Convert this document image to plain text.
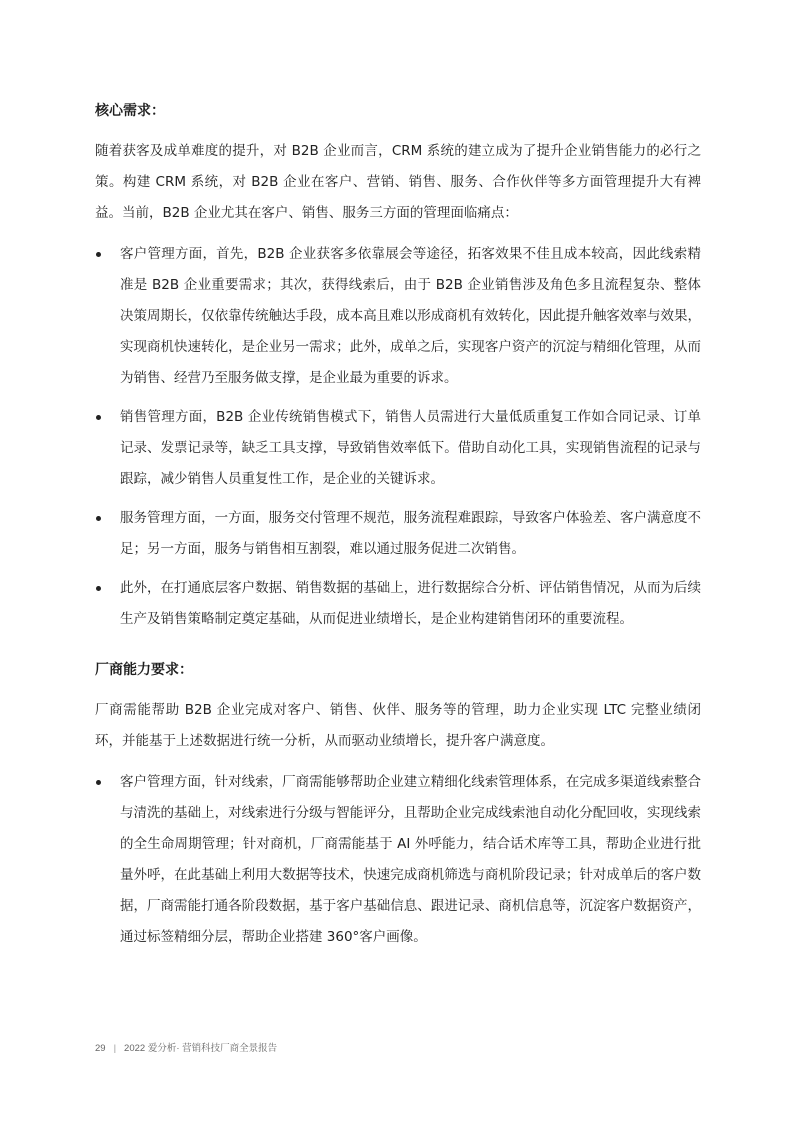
核心需求：

随着获客及成单难度的提升，对 B2B 企业而言，CRM 系统的建立成为了提升企业销售能力的必行之策。构建 CRM 系统，对 B2B 企业在客户、营销、销售、服务、合作伙伴等多方面管理提升大有裨益。当前，B2B 企业尤其在客户、销售、服务三方面的管理面临痛点：

客户管理方面，首先，B2B 企业获客多依靠展会等途径，拓客效果不佳且成本较高，因此线索精准是 B2B 企业重要需求；其次，获得线索后，由于 B2B 企业销售涉及角色多且流程复杂、整体决策周期长，仅依靠传统触达手段，成本高且难以形成商机有效转化，因此提升触客效率与效果，实现商机快速转化，是企业另一需求；此外，成单之后，实现客户资产的沉淀与精细化管理，从而为销售、经营乃至服务做支撑，是企业最为重要的诉求。
销售管理方面，B2B 企业传统销售模式下，销售人员需进行大量低质重复工作如合同记录、订单记录、发票记录等，缺乏工具支撑，导致销售效率低下。借助自动化工具，实现销售流程的记录与跟踪，减少销售人员重复性工作，是企业的关键诉求。
服务管理方面，一方面，服务交付管理不规范，服务流程难跟踪，导致客户体验差、客户满意度不足；另一方面，服务与销售相互割裂，难以通过服务促进二次销售。
此外，在打通底层客户数据、销售数据的基础上，进行数据综合分析、评估销售情况，从而为后续生产及销售策略制定奠定基础，从而促进业绩增长，是企业构建销售闭环的重要流程。
厂商能力要求：

厂商需能帮助 B2B 企业完成对客户、销售、伙伴、服务等的管理，助力企业实现 LTC 完整业绩闭环，并能基于上述数据进行统一分析，从而驱动业绩增长，提升客户满意度。

客户管理方面，针对线索，厂商需能够帮助企业建立精细化线索管理体系，在完成多渠道线索整合与清洗的基础上，对线索进行分级与智能评分，且帮助企业完成线索池自动化分配回收，实现线索的全生命周期管理；针对商机，厂商需能基于 AI 外呼能力，结合话术库等工具，帮助企业进行批量外呼，在此基础上利用大数据等技术，快速完成商机筛选与商机阶段记录；针对成单后的客户数据，厂商需能打通各阶段数据，基于客户基础信息、跟进记录、商机信息等，沉淀客户数据资产，通过标签精细分层，帮助企业搭建 360°客户画像。
29 | 2022 爱分析· 营销科技厂商全景报告
